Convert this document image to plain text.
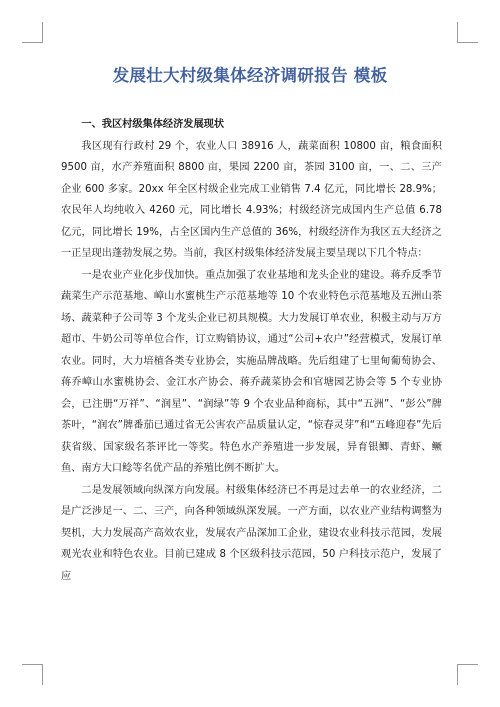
发展壮大村级集体经济调研报告 模板
一、我区村级集体经济发展现状

我区现有行政村 29 个，农业人口 38916 人，蔬菜面积 10800 亩，粮食面积 9500 亩，水产养殖面积 8800 亩，果园 2200 亩，茶园 3100 亩，一、二、三产企业 600 多家。20xx 年全区村级企业完成工业销售 7.4 亿元，同比增长 28.9%；农民年人均纯收入 4260 元，同比增长 4.93%；村级经济完成国内生产总值 6.78 亿元，同比增长 19%，占全区国内生产总值的 36%，村级经济作为我区五大经济之一正呈现出蓬勃发展之势。当前，我区村级集体经济发展主要呈现以下几个特点：

一是农业产业化步伐加快。重点加强了农业基地和龙头企业的建设。蒋乔反季节蔬菜生产示范基地、嶂山水蜜桃生产示范基地等 10 个农业特色示范基地及五洲山茶场、蔬菜种子公司等 3 个龙头企业已初具规模。大力发展订单农业，积极主动与万方超市、牛奶公司等单位合作，订立购销协议，通过“公司+农户”经营模式，发展订单农业。同时，大力培植各类专业协会，实施品牌战略。先后组建了七里甸葡萄协会、蒋乔嶂山水蜜桃协会、金江水产协会、蒋乔蔬菜协会和官塘园艺协会等 5 个专业协会，已注册“万祥”、“润星”、“润绿”等 9 个农业品种商标，其中“五洲”、“彭公”牌茶叶，“润农”牌番茄已通过省无公害农产品质量认定，“惊春灵芽”和“五峰迎春”先后获省级、国家级名茶评比一等奖。特色水产养殖进一步发展，异育银鲫、青虾、鳜鱼、南方大口鲶等名优产品的养殖比例不断扩大。

二是发展领域向纵深方向发展。村级集体经济已不再是过去单一的农业经济，二是广泛涉足一、二、三产，向各种领域纵深发展。一产方面，以农业产业结构调整为契机，大力发展高产高效农业，发展农产品深加工企业，建设农业科技示范园，发展观光农业和特色农业。目前已建成 8 个区级科技示范园，50 户科技示范户，发展了应
